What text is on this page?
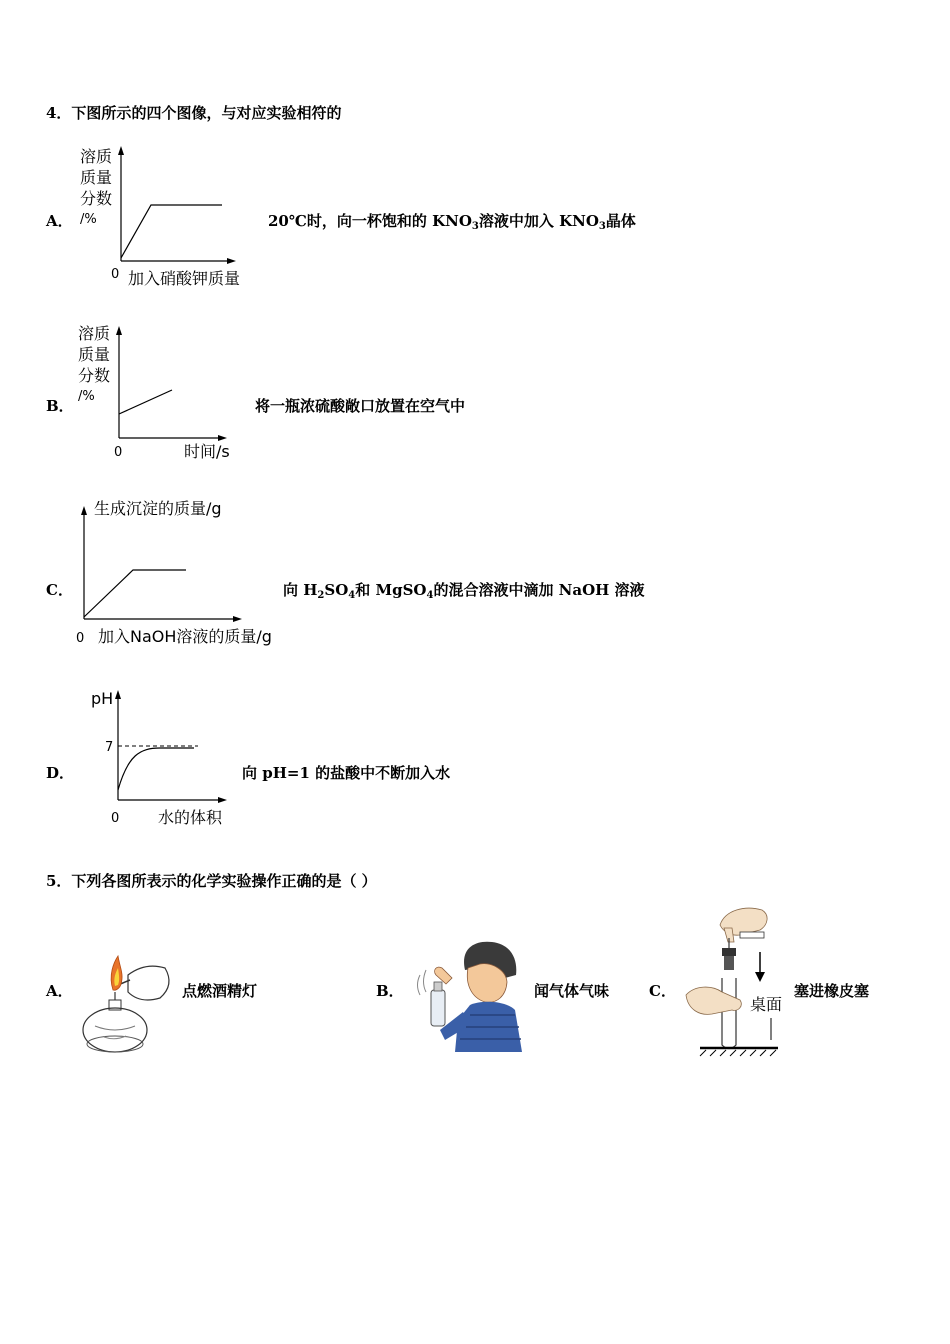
4．下图所示的四个图像，与对应实验相符的
A．
溶质
质量
分数
/%
0 加入硝酸钾质量
20℃时，向一杯饱和的 $KNO_3$溶液中加入 $KNO_3$晶体
B．
溶质
质量
分数
/%
0	时间/s
将一瓶浓硫酸敞口放置在空气中
C．
生成沉淀的质量/g
0 加入NaOH溶液的质量/g
向 $H_2SO_4$和 MgSO$_4$的混合溶液中滴加 NaOH 溶液
D．
pH
7
0 水的体积
向 pH=1 的盐酸中不断加入水
5．下列各图所表示的化学实验操作正确的是（ ）
A．	点燃酒精灯	B．	闻气体气味	C．
桌面
塞进橡皮塞
